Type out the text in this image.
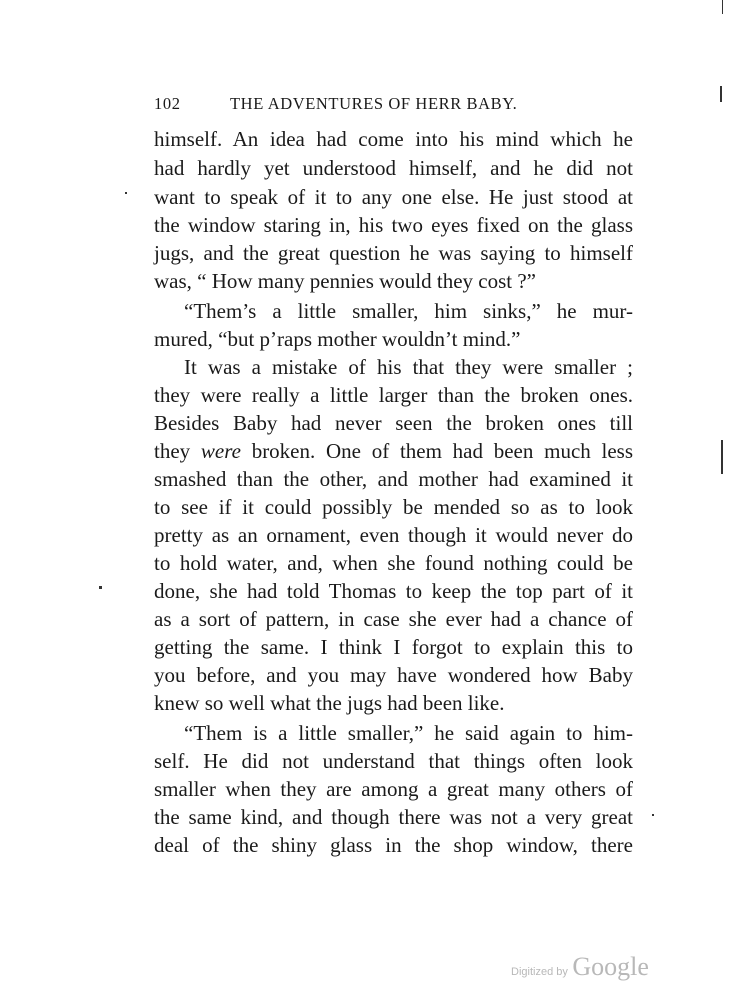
102	THE ADVENTURES OF HERR BABY.
himself. An idea had come into his mind which he
had hardly yet understood himself, and he did not
want to speak of it to any one else. He just stood at
the window staring in, his two eyes fixed on the glass
jugs, and the great question he was saying to himself
was, “ How many pennies would they cost ?”
“Them’s a little smaller, him sinks,” he mur-
mured, “but p’raps mother wouldn’t mind.”
It was a mistake of his that they were smaller ;
they were really a little larger than the broken ones.
Besides Baby had never seen the broken ones till
they were broken. One of them had been much less
smashed than the other, and mother had examined it
to see if it could possibly be mended so as to look
pretty as an ornament, even though it would never do
to hold water, and, when she found nothing could be
done, she had told Thomas to keep the top part of it
as a sort of pattern, in case she ever had a chance of
getting the same. I think I forgot to explain this to
you before, and you may have wondered how Baby
knew so well what the jugs had been like.
“Them is a little smaller,” he said again to him-
self. He did not understand that things often look
smaller when they are among a great many others of
the same kind, and though there was not a very great
deal of the shiny glass in the shop window, there
Digitized by Google
